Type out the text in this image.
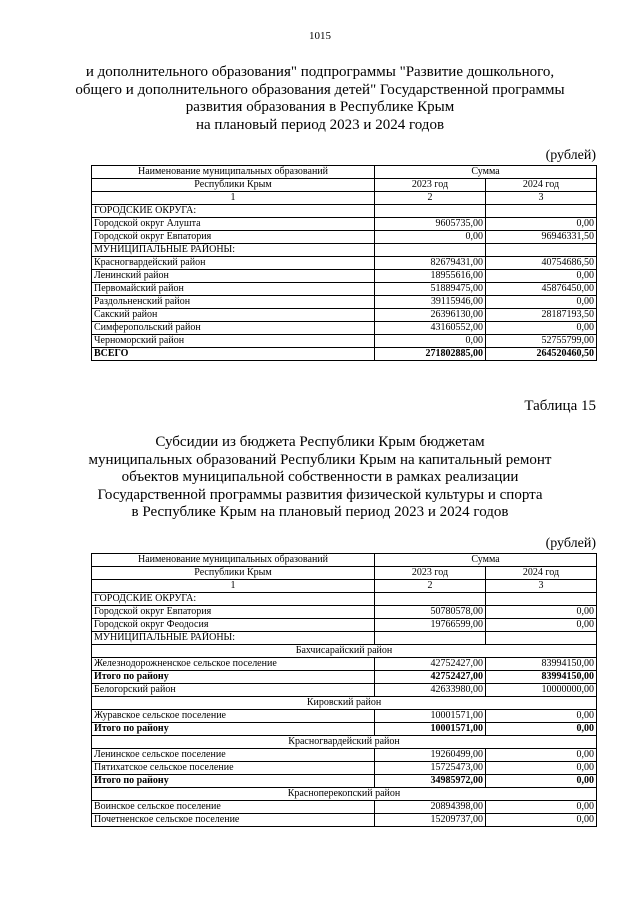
1015
и дополнительного образования" подпрограммы "Развитие дошкольного,
общего и дополнительного образования детей" Государственной программы
развития образования в Республике Крым
на плановый период 2023 и 2024 годов
(рублей)
Наименование муниципальных образований	Сумма	
Республики Крым	2023 год	2024 год
1	2	3
ГОРОДСКИЕ ОКРУГА:		
Городской округ Алушта	9605735,00	0,00
Городской округ Евпатория	0,00	96946331,50
МУНИЦИПАЛЬНЫЕ РАЙОНЫ:		
Красногвардейский район	82679431,00	40754686,50
Ленинский район	18955616,00	0,00
Первомайский район	51889475,00	45876450,00
Раздольненский район	39115946,00	0,00
Сакский район	26396130,00	28187193,50
Симферопольский район	43160552,00	0,00
Черноморский район	0,00	52755799,00
ВСЕГО	271802885,00	264520460,50
Таблица 15
Субсидии из бюджета Республики Крым бюджетам
муниципальных образований Республики Крым на капитальный ремонт
объектов муниципальной собственности в рамках реализации
Государственной программы развития физической культуры и спорта
в Республике Крым на плановый период 2023 и 2024 годов
(рублей)
Наименование муниципальных образований	Сумма	
Республики Крым	2023 год	2024 год
1	2	3
ГОРОДСКИЕ ОКРУГА:		
Городской округ Евпатория	50780578,00	0,00
Городской округ Феодосия	19766599,00	0,00
МУНИЦИПАЛЬНЫЕ РАЙОНЫ:		
Бахчисарайский район		
Железнодорожненское сельское поселение	42752427,00	83994150,00
Итого по району	42752427,00	83994150,00
Белогорский район	42633980,00	10000000,00
Кировский район		
Журавское сельское поселение	10001571,00	0,00
Итого по району	10001571,00	0,00
Красногвардейский район		
Ленинское сельское поселение	19260499,00	0,00
Пятихатское сельское поселение	15725473,00	0,00
Итого по району	34985972,00	0,00
Красноперекопский район		
Воинское сельское поселение	20894398,00	0,00
Почетненское сельское поселение	15209737,00	0,00
